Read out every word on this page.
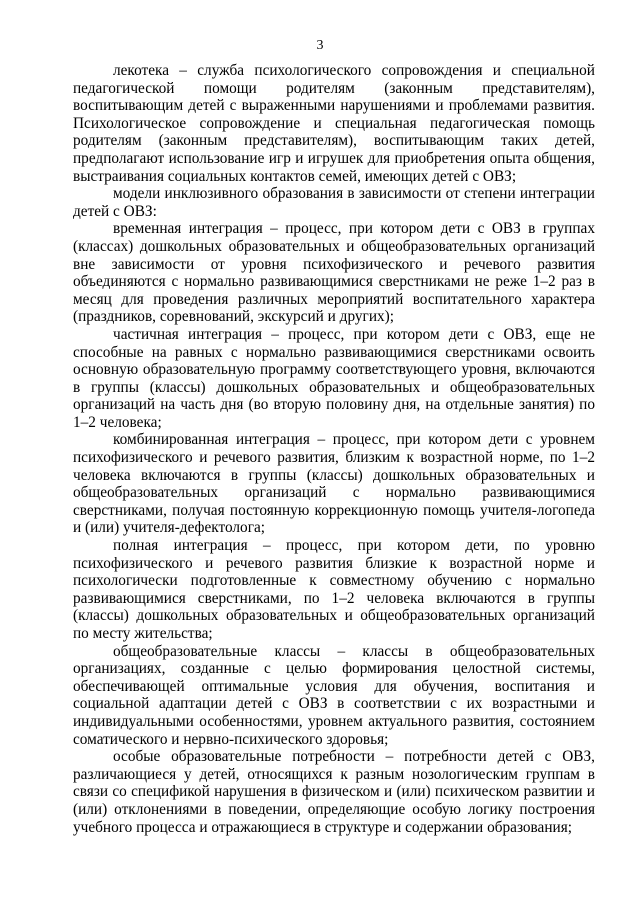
3

лекотека – служба психологического сопровождения и специальной педагогической помощи родителям (законным представителям), воспитывающим детей с выраженными нарушениями и проблемами развития. Психологическое сопровождение и специальная педагогическая помощь родителям (законным представителям), воспитывающим таких детей, предполагают использование игр и игрушек для приобретения опыта общения, выстраивания социальных контактов семей, имеющих детей с ОВЗ;

модели инклюзивного образования в зависимости от степени интеграции детей с ОВЗ:

временная интеграция – процесс, при котором дети с ОВЗ в группах (классах) дошкольных образовательных и общеобразовательных организаций вне зависимости от уровня психофизического и речевого развития объединяются с нормально развивающимися сверстниками не реже 1–2 раз в месяц для проведения различных мероприятий воспитательного характера (праздников, соревнований, экскурсий и других);

частичная интеграция – процесс, при котором дети с ОВЗ, еще не способные на равных с нормально развивающимися сверстниками освоить основную образовательную программу соответствующего уровня, включаются в группы (классы) дошкольных образовательных и общеобразовательных организаций на часть дня (во вторую половину дня, на отдельные занятия) по 1–2 человека;

комбинированная интеграция – процесс, при котором дети с уровнем психофизического и речевого развития, близким к возрастной норме, по 1–2 человека включаются в группы (классы) дошкольных образовательных и общеобразовательных организаций с нормально развивающимися сверстниками, получая постоянную коррекционную помощь учителя-логопеда и (или) учителя-дефектолога;

полная интеграция – процесс, при котором дети, по уровню психофизического и речевого развития близкие к возрастной норме и психологически подготовленные к совместному обучению с нормально развивающимися сверстниками, по 1–2 человека включаются в группы (классы) дошкольных образовательных и общеобразовательных организаций по месту жительства;

общеобразовательные классы – классы в общеобразовательных организациях, созданные с целью формирования целостной системы, обеспечивающей оптимальные условия для обучения, воспитания и социальной адаптации детей с ОВЗ в соответствии с их возрастными и индивидуальными особенностями, уровнем актуального развития, состоянием соматического и нервно-психического здоровья;

особые образовательные потребности – потребности детей с ОВЗ, различающиеся у детей, относящихся к разным нозологическим группам в связи со спецификой нарушения в физическом и (или) психическом развитии и (или) отклонениями в поведении, определяющие особую логику построения учебного процесса и отражающиеся в структуре и содержании образования;
